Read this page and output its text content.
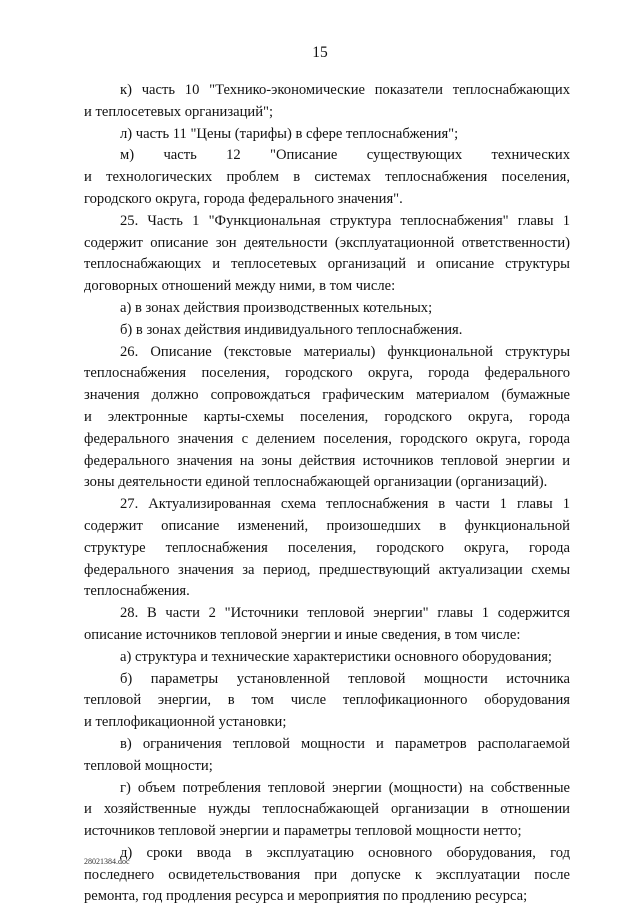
15
к) часть 10 "Технико-экономические показатели теплоснабжающих
и теплосетевых организаций";
л) часть 11 "Цены (тарифы) в сфере теплоснабжения";
м) часть 12 "Описание существующих технических
и технологических проблем в системах теплоснабжения поселения,
городского округа, города федерального значения".
25. Часть 1 "Функциональная структура теплоснабжения" главы 1
содержит описание зон деятельности (эксплуатационной ответственности)
теплоснабжающих и теплосетевых организаций и описание структуры
договорных отношений между ними, в том числе:
а) в зонах действия производственных котельных;
б) в зонах действия индивидуального теплоснабжения.
26. Описание (текстовые материалы) функциональной структуры
теплоснабжения поселения, городского округа, города федерального
значения должно сопровождаться графическим материалом (бумажные
и электронные карты-схемы поселения, городского округа, города
федерального значения с делением поселения, городского округа, города
федерального значения на зоны действия источников тепловой энергии и
зоны деятельности единой теплоснабжающей организации (организаций).
27. Актуализированная схема теплоснабжения в части 1 главы 1
содержит описание изменений, произошедших в функциональной
структуре теплоснабжения поселения, городского округа, города
федерального значения за период, предшествующий актуализации схемы
теплоснабжения.
28. В части 2 "Источники тепловой энергии" главы 1 содержится
описание источников тепловой энергии и иные сведения, в том числе:
а) структура и технические характеристики основного оборудования;
б) параметры установленной тепловой мощности источника
тепловой энергии, в том числе теплофикационного оборудования
и теплофикационной установки;
в) ограничения тепловой мощности и параметров располагаемой
тепловой мощности;
г) объем потребления тепловой энергии (мощности) на собственные
и хозяйственные нужды теплоснабжающей организации в отношении
источников тепловой энергии и параметры тепловой мощности нетто;
д) сроки ввода в эксплуатацию основного оборудования, год
последнего освидетельствования при допуске к эксплуатации после
ремонта, год продления ресурса и мероприятия по продлению ресурса;
28021384.doc
